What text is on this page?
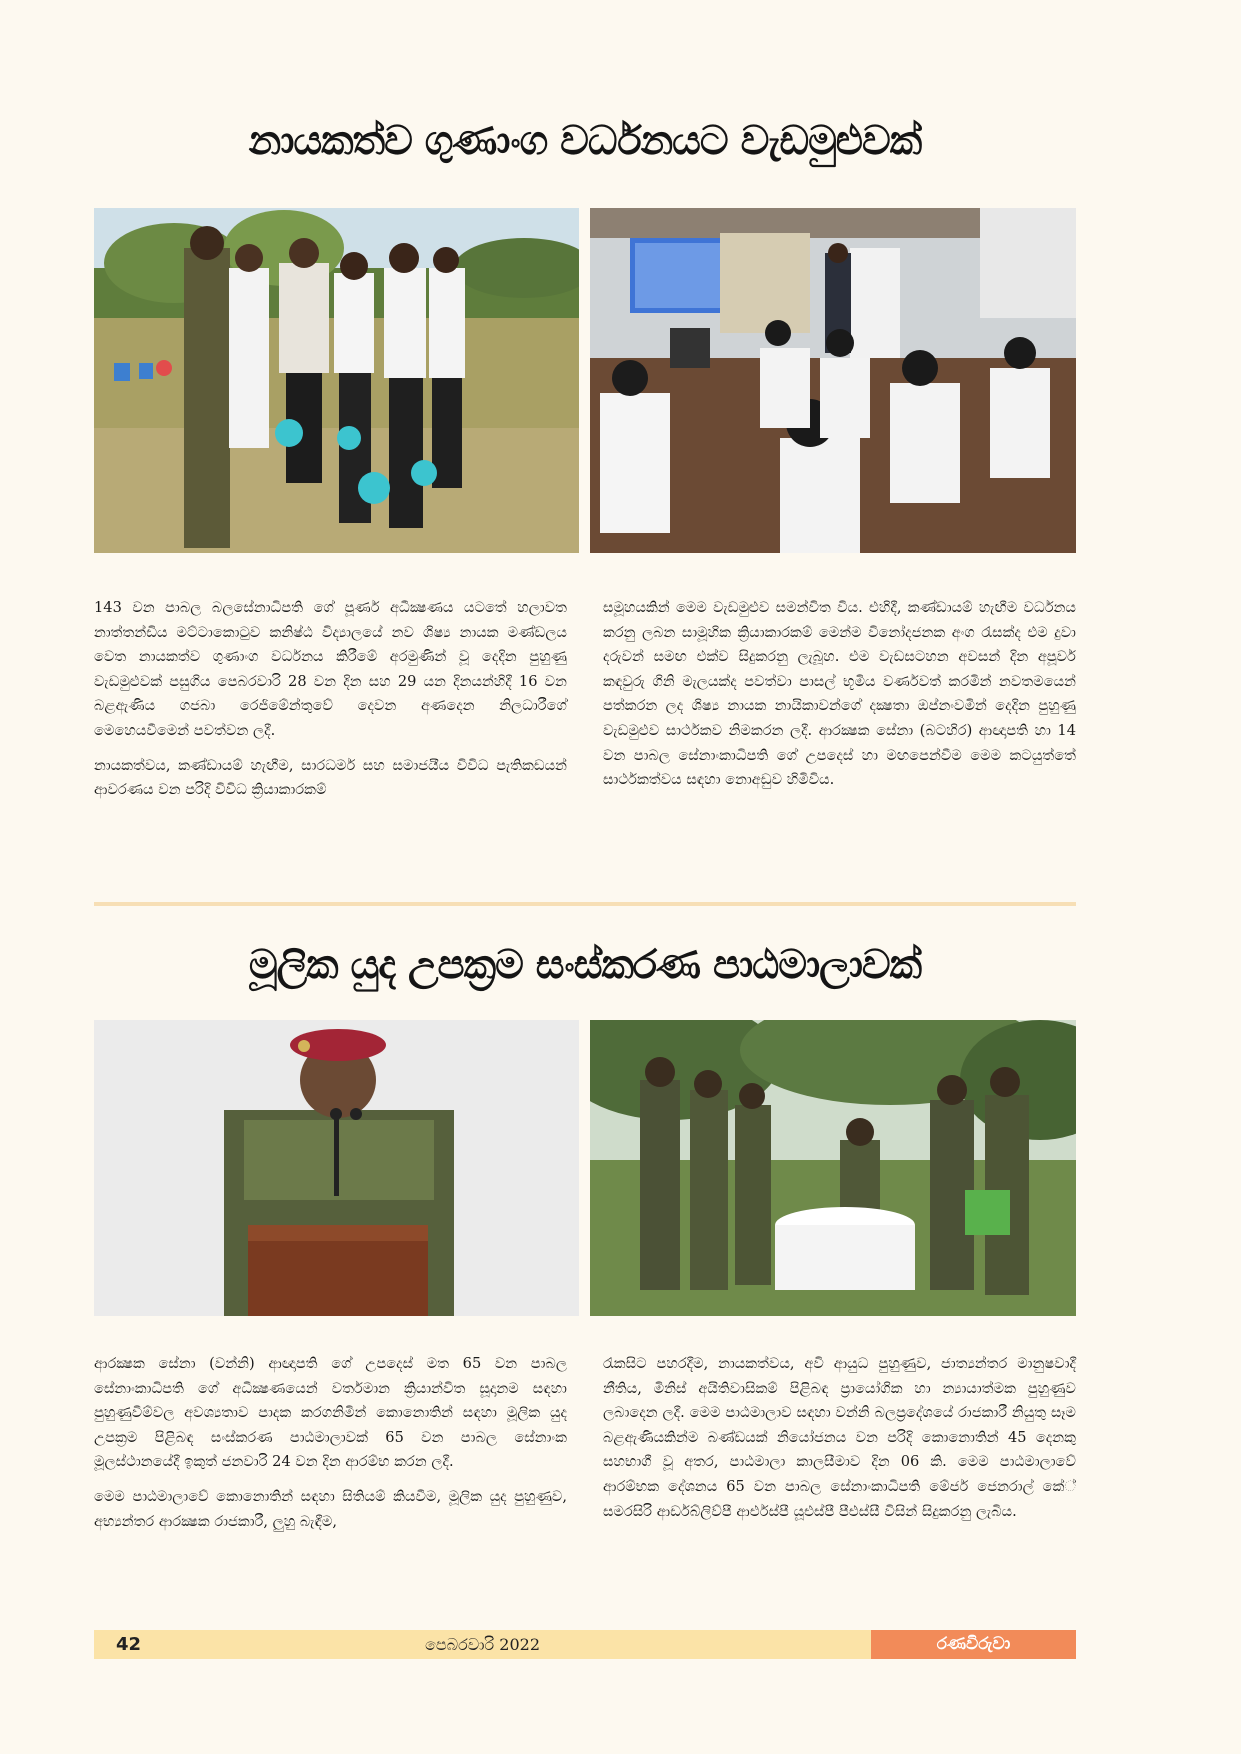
නායකත්ව ගුණාංග වර්ධනයට වැඩමුළුවක්

143 වන පාබල බලසේනාධිපති ගේ පූර්ණ අධීක්‍ෂණය යටතේ හලාවත නාත්තන්ඩිය මට්ටාකොටුව කනිෂ්ඨ විද්‍යාලයේ නව ශිෂ්‍ය නායක මණ්ඩලය වෙත නායකත්ව ගුණාංග වර්ධනය කිරීමේ අරමුණින් වූ දෙදින පුහුණු වැඩමුළුවක් පසුගිය පෙබරවාරි 28 වන දින සහ 29 යන දිනයන්හිදී 16 වන බළඇණිය ගජබා රෙජිමේන්තුවේ දෙවන අණදෙන නිලධාරීගේ මෙහෙයවීමෙන් පවත්වන ලදී.

නායකත්වය, කණ්ඩායම් හැඟීම, සාරධර්ම සහ සමාජයීය විවිධ පැතිකඩයන් ආවරණය වන පරිදි විවිධ ක්‍රියාකාරකම්

සමූහයකින් මෙම වැඩමුළුව සමන්විත විය. එහිදී, කණ්ඩායම් හැඟීම වර්ධනය කරනු ලබන සාමූහික ක්‍රියාකාරකම් මෙන්ම විනෝදජනක අංග රැසක්ද එම දුවා දරුවන් සමඟ එක්ව සිදුකරනු ලැබූහ. එම වැඩසටහන අවසන් දින අපූර්ව කඳවුරු ගිනි මැලයක්ද පවත්වා පාසල් භූමිය වර්ණවත් කරමින් නවතමයෙන් පත්කරන ලද ශිෂ්‍ය නායක නායිකාවන්ගේ දක්‍ෂතා ඔප්නංවමින් දෙදින පුහුණු වැඩමුළුව සාර්ථකව නිමකරන ලදී. ආරක්‍ෂක සේනා (බටහිර) ආඥාපති හා 14 වන පාබල සේනාංකාධිපති ගේ උපදෙස් හා මඟපෙන්වීම මෙම කටයුත්තේ සාර්ථකත්වය සඳහා නොඅඩුව හිමිවිය.

මූලික යුද උපක්‍රම සංස්කරණ පාඨමාලාවක්

ආරක්‍ෂක සේනා (වන්නි) ආඥාපති ගේ උපදෙස් මත 65 වන පාබල සේනාංකාධිපති ගේ අධීක්‍ෂණයෙන් වර්තමාන ක්‍රියාන්විත සූදානම සඳහා පුහුණුවීම්වල අවශ්‍යතාව පාදක කරගනිමින් කොනොතින් සඳහා මූලික යුද උපක්‍රම පිළිබඳ සංස්කරණ පාඨමාලාවක් 65 වන පාබල සේනාංක මූලස්ථානයේදී ඉකුත් ජනවාරි 24 වන දින ආරම්භ කරන ලදී.

මෙම පාඨමාලාවේ කොනොතින් සඳහා සිතියම් කියවීම, මූලික යුද පුහුණුව, අභ්‍යන්තර ආරක්‍ෂක රාජකාරී, ලුහු බැඳීම,

රැකසිට පහරදීම, නායකත්වය, අවි ආයුධ පුහුණුව, ජාත්‍යන්තර මානුෂවාදී නීතිය, මිනිස් අයිතිවාසිකම් පිළිබඳ ප්‍රායෝගික හා න්‍යායාත්මක පුහුණුව ලබාදෙන ලදී. මෙම පාඨමාලාව සඳහා වන්නි බලප්‍රදේශයේ රාජකාරී නියුතු සෑම බළඇණියකින්ම බණ්ඩයක් නියෝජනය වන පරිදි කොනොතින් 45 දෙනකු සහභාගී වූ අතර, පාඨමාලා කාලසීමාව දින 06 කි. මෙම පාඨමාලාවේ ආරම්භක දේශනය 65 වන පාබල සේනාංකාධිපති මේජර් ජෙනරාල් කේ් සමරසිරි ආර්ඩබ්ලිව්පී ආර්එස්පී යූඑස්පී පීඑස්සී විසින් සිදුකරනු ලැබිය.

42	පෙබරවාරි 2022	රණවිරුවා
